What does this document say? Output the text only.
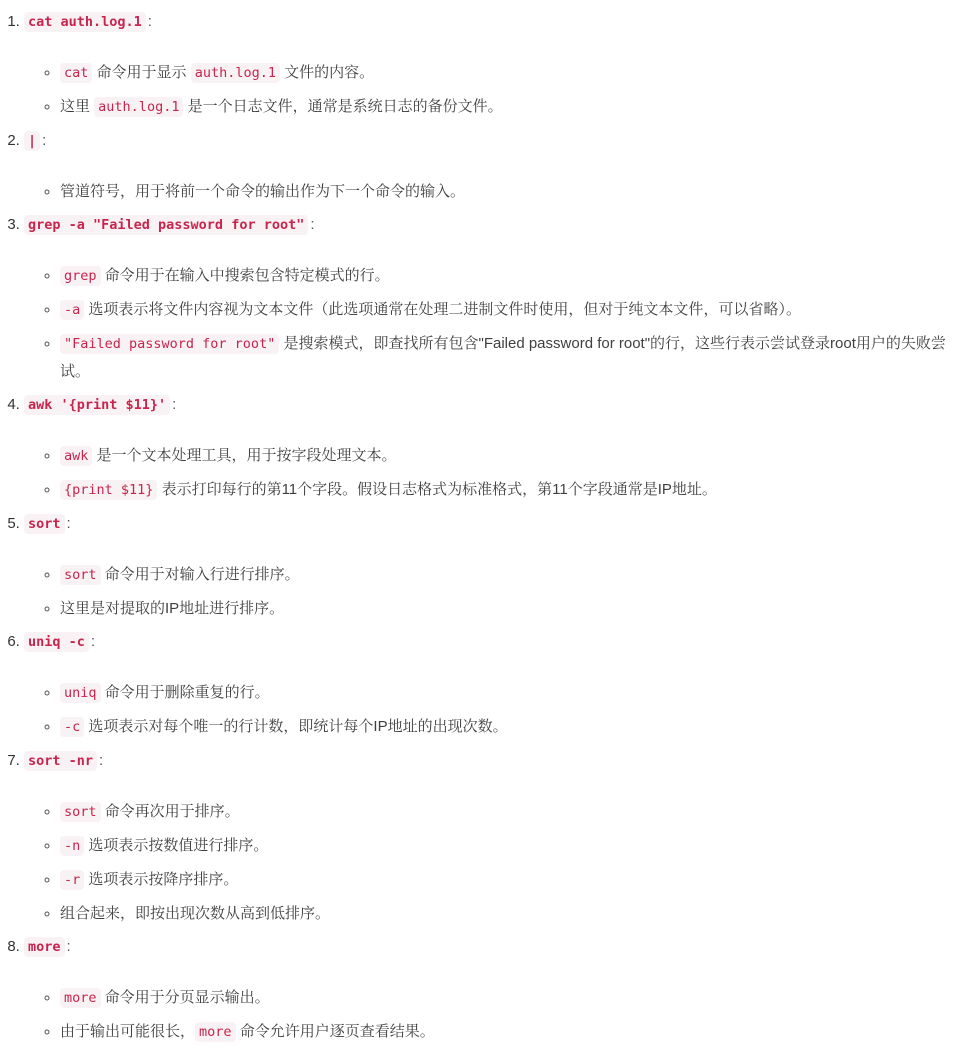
1. cat auth.log.1 :

◦ cat 命令用于显示 auth.log.1 文件的内容。

◦ 这里 auth.log.1 是一个日志文件，通常是系统日志的备份文件。

2. | :

◦ 管道符号，用于将前一个命令的输出作为下一个命令的输入。

3. grep -a "Failed password for root" :

◦ grep 命令用于在输入中搜索包含特定模式的行。

◦ -a 选项表示将文件内容视为文本文件（此选项通常在处理二进制文件时使用，但对于纯文本文件，可以省略）。

◦ "Failed password for root" 是搜索模式，即查找所有包含"Failed password for root"的行，这些行表示尝试登录root用户的失败尝试。

4. awk '{print $11}' :

◦ awk 是一个文本处理工具，用于按字段处理文本。

◦ {print $11} 表示打印每行的第11个字段。假设日志格式为标准格式，第11个字段通常是IP地址。

5. sort :

◦ sort 命令用于对输入行进行排序。

◦ 这里是对提取的IP地址进行排序。

6. uniq -c :

◦ uniq 命令用于删除重复的行。

◦ -c 选项表示对每个唯一的行计数，即统计每个IP地址的出现次数。

7. sort -nr :

◦ sort 命令再次用于排序。

◦ -n 选项表示按数值进行排序。

◦ -r 选项表示按降序排序。

◦ 组合起来，即按出现次数从高到低排序。

8. more :

◦ more 命令用于分页显示输出。

◦ 由于输出可能很长， more 命令允许用户逐页查看结果。
